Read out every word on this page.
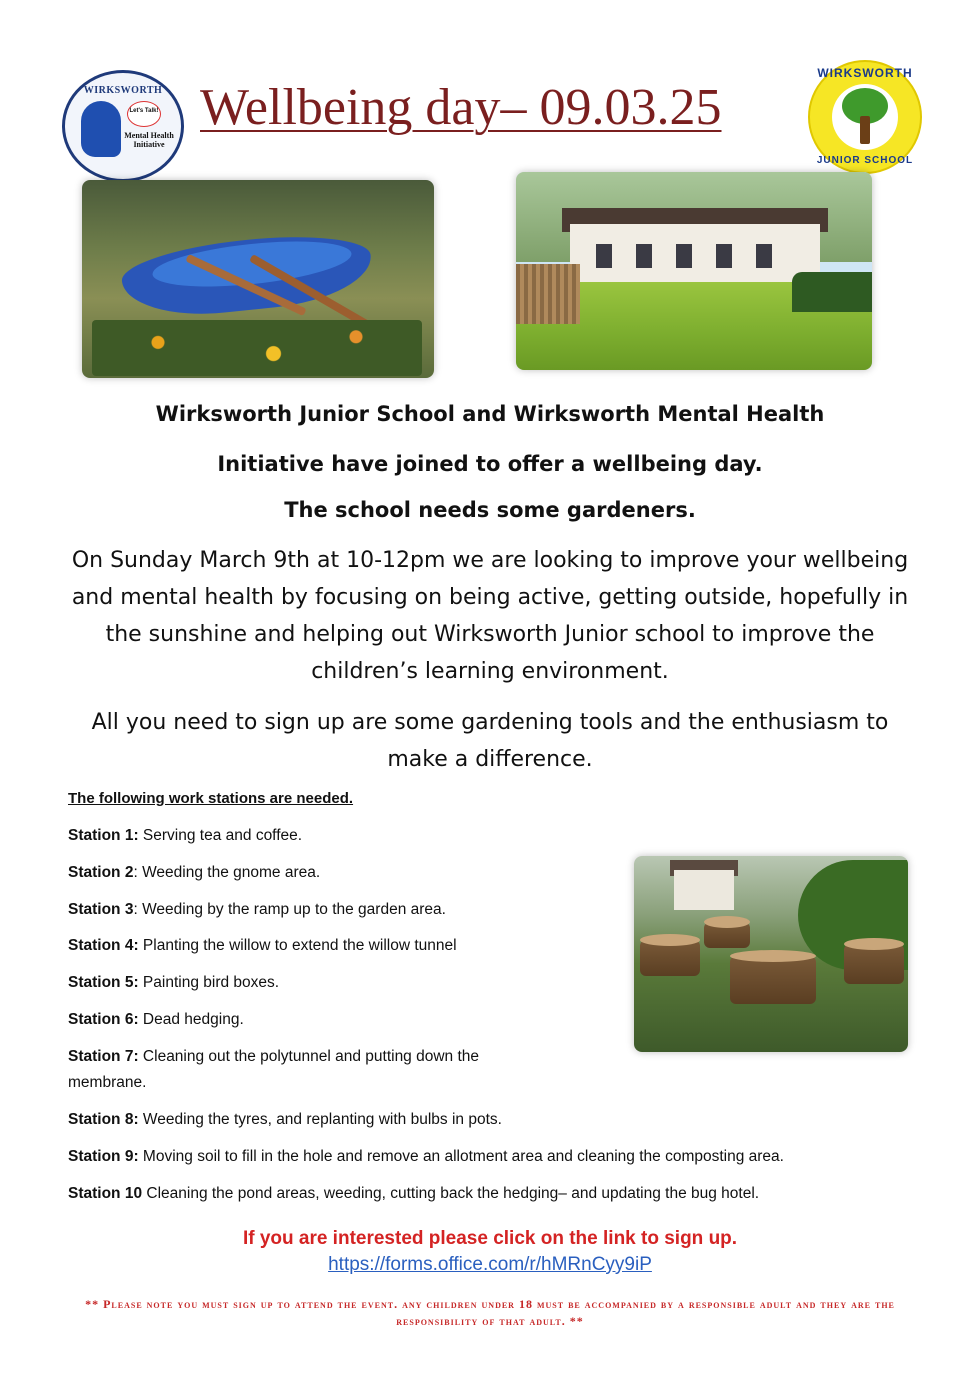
WIRKSWORTH
Let's Talk!
Mental Health Initiative
Wellbeing day– 09.03.25
WIRKSWORTH
JUNIOR SCHOOL
Wirksworth Junior School and Wirksworth Mental Health
Initiative have joined to offer a wellbeing day.
The school needs some gardeners.
On Sunday March 9th at 10-12pm we are looking to improve your wellbeing and mental health by focusing on being active, getting outside, hopefully in the sunshine and helping out Wirksworth Junior school to improve the children’s learning environment.
All you need to sign up are some gardening tools and the enthusiasm to make a difference.
The following work stations are needed.
Station 1: Serving tea and coffee.
Station 2: Weeding the gnome area.
Station 3: Weeding by the ramp up to the garden area.
Station 4: Planting the willow to extend the willow tunnel
Station 5: Painting bird boxes.
Station 6: Dead hedging.
Station 7: Cleaning out the polytunnel and putting down the membrane.
Station 8: Weeding the tyres, and replanting with bulbs in pots.
Station 9: Moving soil to fill in the hole and remove an allotment area and cleaning the composting area.
Station 10 Cleaning the pond areas, weeding, cutting back the hedging– and updating the bug hotel.
If you are interested please click on the link to sign up.
https://forms.office.com/r/hMRnCyy9iP
** Please note you must sign up to attend the event. any children under 18 must be accompanied by a responsible adult and they are the responsibility of that adult. **
